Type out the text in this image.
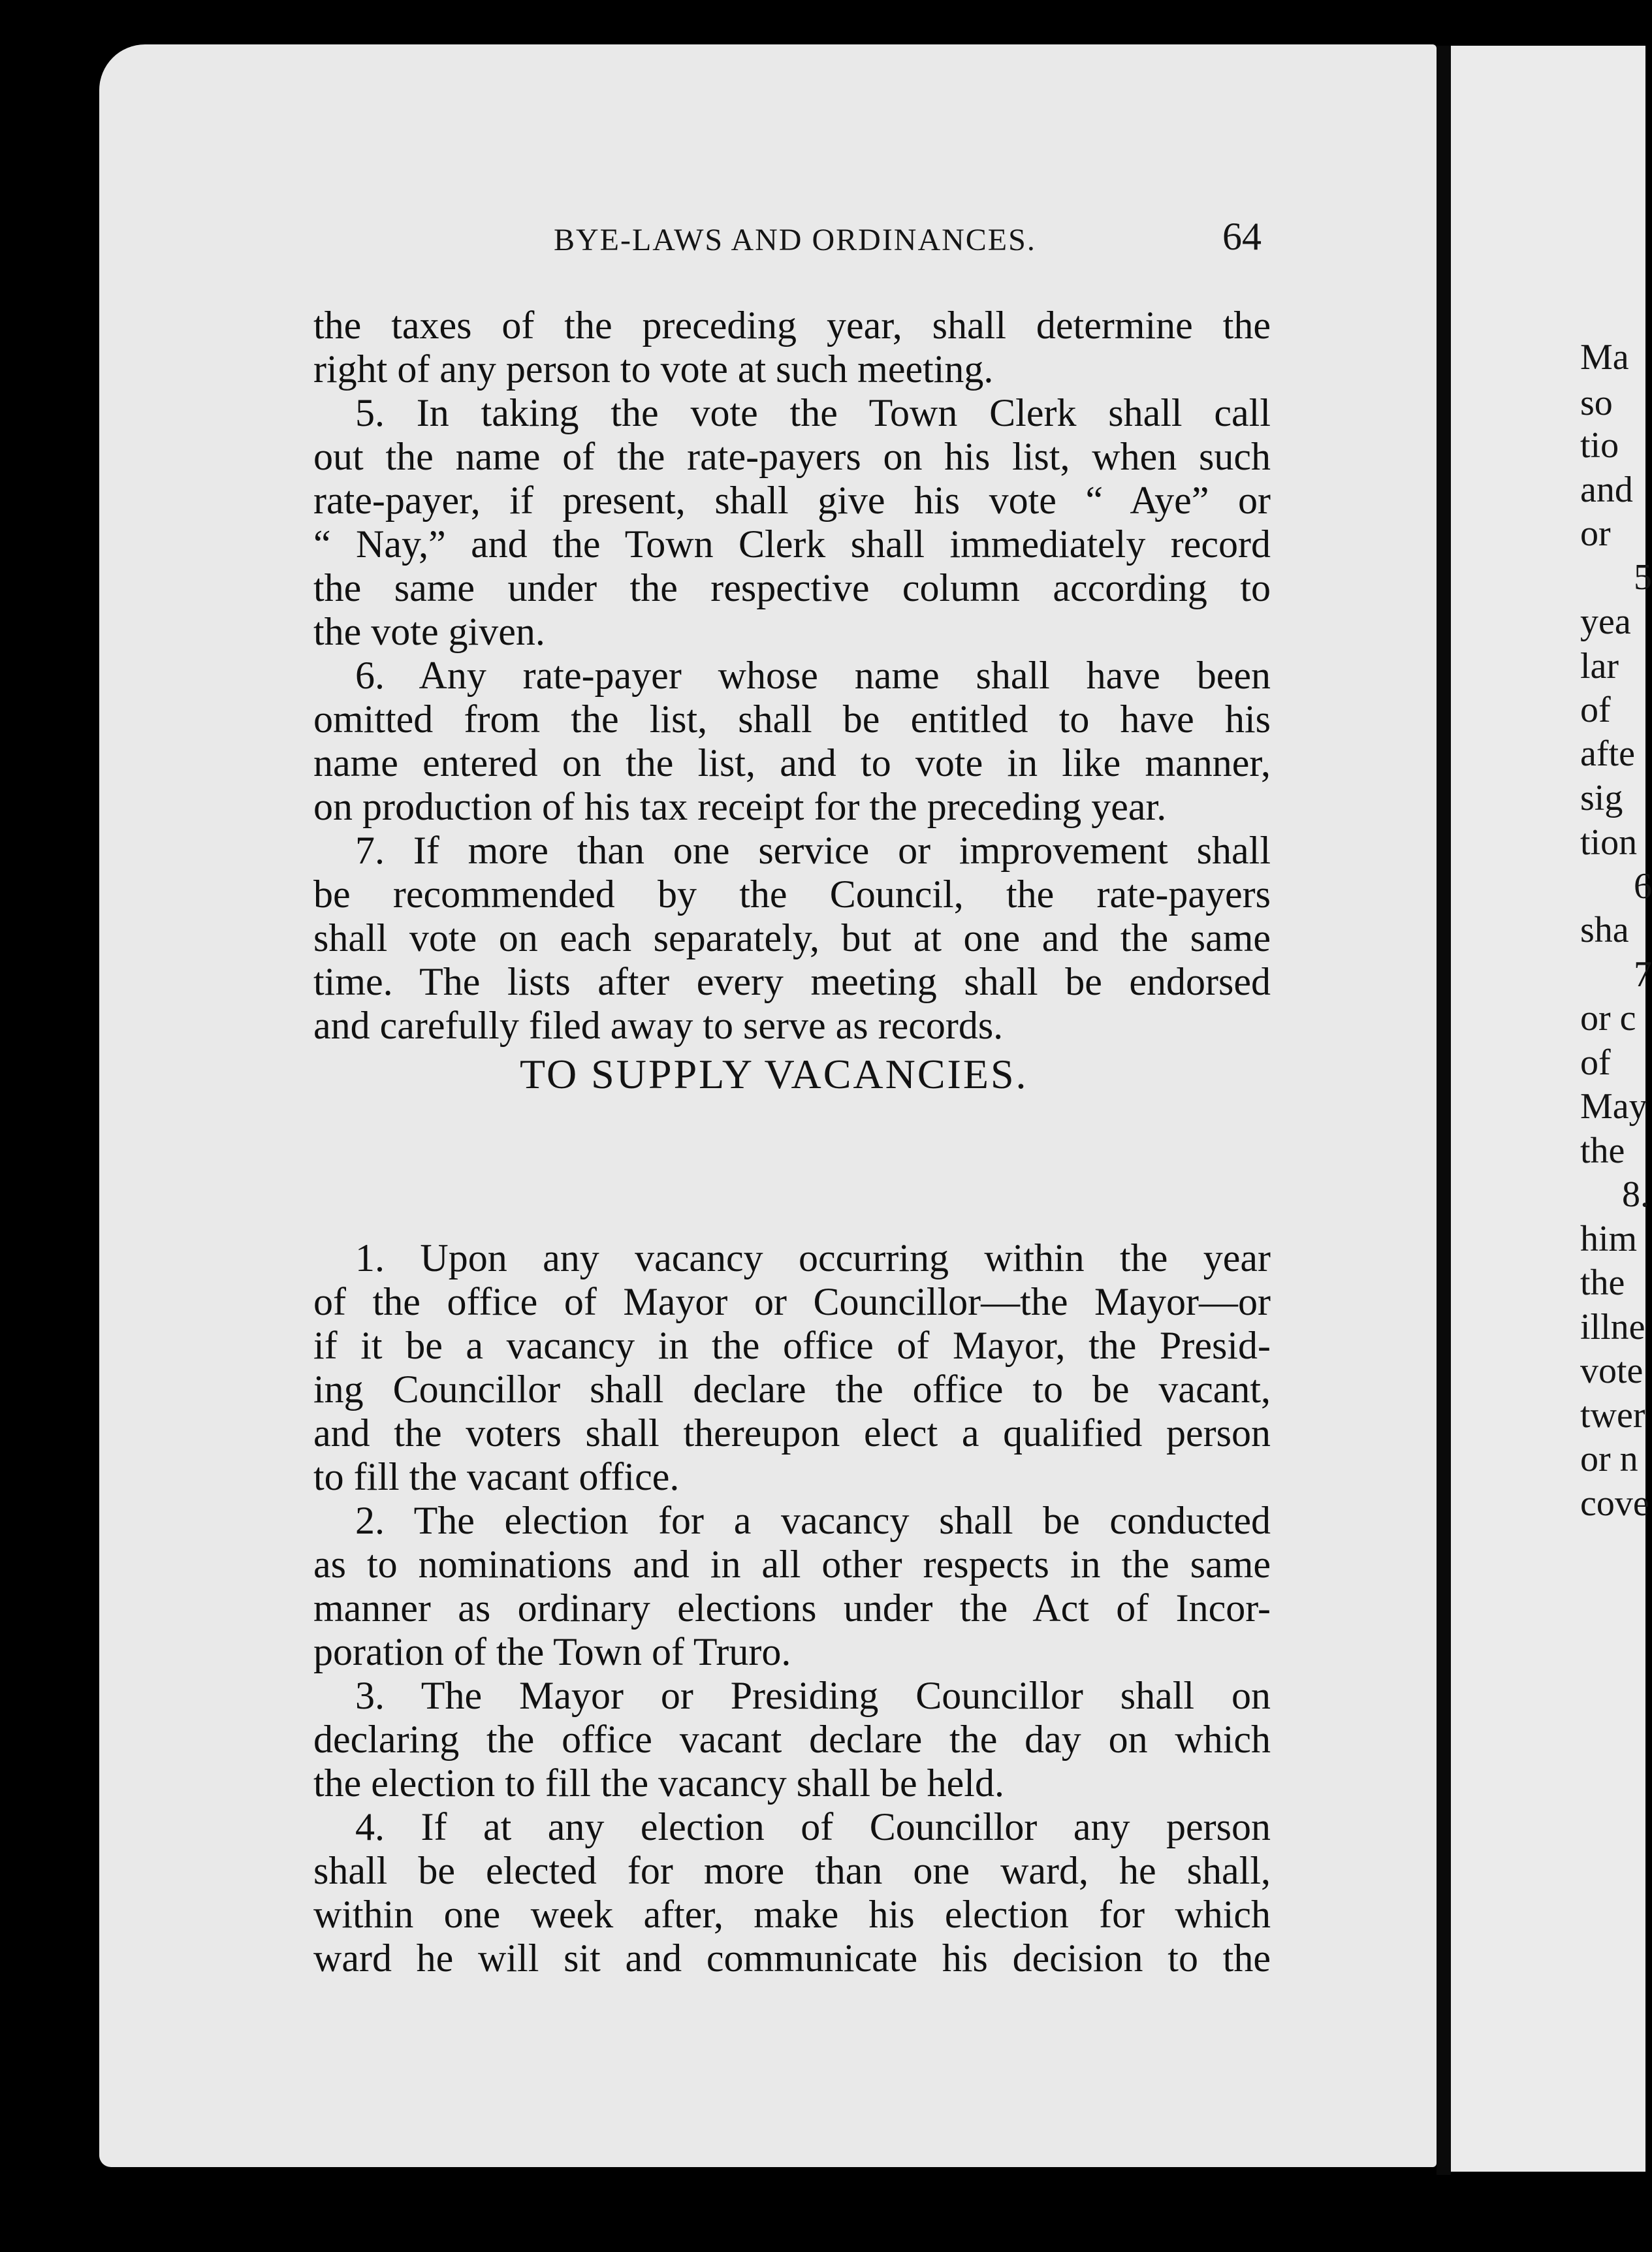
BYE-LAWS AND ORDINANCES.	64
the taxes of the preceding year, shall determine the
right of any person to vote at such meeting.
5. In taking the vote the Town Clerk shall call
out the name of the rate-payers on his list, when such
rate-payer, if present, shall give his vote “ Aye” or
“ Nay,” and the Town Clerk shall immediately record
the same under the respective column according to
the vote given.
6. Any rate-payer whose name shall have been
omitted from the list, shall be entitled to have his
name entered on the list, and to vote in like manner,
on production of his tax receipt for the preceding year.
7. If more than one service or improvement shall
be recommended by the Council, the rate-payers
shall vote on each separately, but at one and the same
time. The lists after every meeting shall be endorsed
and carefully filed away to serve as records.
TO SUPPLY VACANCIES.
1. Upon any vacancy occurring within the year
of the office of Mayor or Councillor—the Mayor—or
if it be a vacancy in the office of Mayor, the Presid-
ing Councillor shall declare the office to be vacant,
and the voters shall thereupon elect a qualified person
to fill the vacant office.
2. The election for a vacancy shall be conducted
as to nominations and in all other respects in the same
manner as ordinary elections under the Act of Incor-
poration of the Town of Truro.
3. The Mayor or Presiding Councillor shall on
declaring the office vacant declare the day on which
the election to fill the vacancy shall be held.
4. If at any election of Councillor any person
shall be elected for more than one ward, he shall,
within one week after, make his election for which
ward he will sit and communicate his decision to the
Ma
so
tio
and
or
5
yea
lar
of
afte
sig
tion
6
sha
7
or c
of
May
the
8.
him
the
illne
vote
twer
or n
cove
